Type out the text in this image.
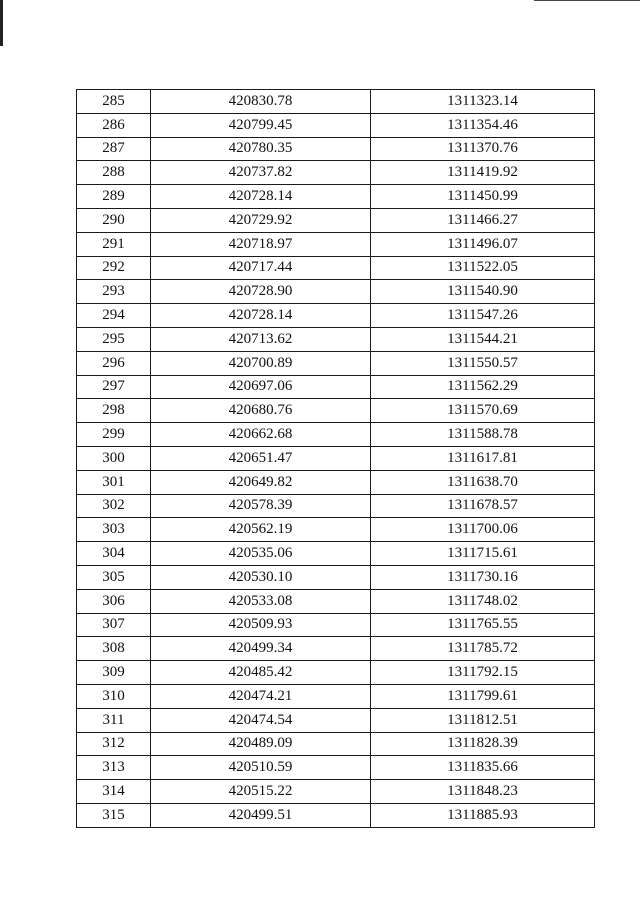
285	420830.78	1311323.14
286	420799.45	1311354.46
287	420780.35	1311370.76
288	420737.82	1311419.92
289	420728.14	1311450.99
290	420729.92	1311466.27
291	420718.97	1311496.07
292	420717.44	1311522.05
293	420728.90	1311540.90
294	420728.14	1311547.26
295	420713.62	1311544.21
296	420700.89	1311550.57
297	420697.06	1311562.29
298	420680.76	1311570.69
299	420662.68	1311588.78
300	420651.47	1311617.81
301	420649.82	1311638.70
302	420578.39	1311678.57
303	420562.19	1311700.06
304	420535.06	1311715.61
305	420530.10	1311730.16
306	420533.08	1311748.02
307	420509.93	1311765.55
308	420499.34	1311785.72
309	420485.42	1311792.15
310	420474.21	1311799.61
311	420474.54	1311812.51
312	420489.09	1311828.39
313	420510.59	1311835.66
314	420515.22	1311848.23
315	420499.51	1311885.93
